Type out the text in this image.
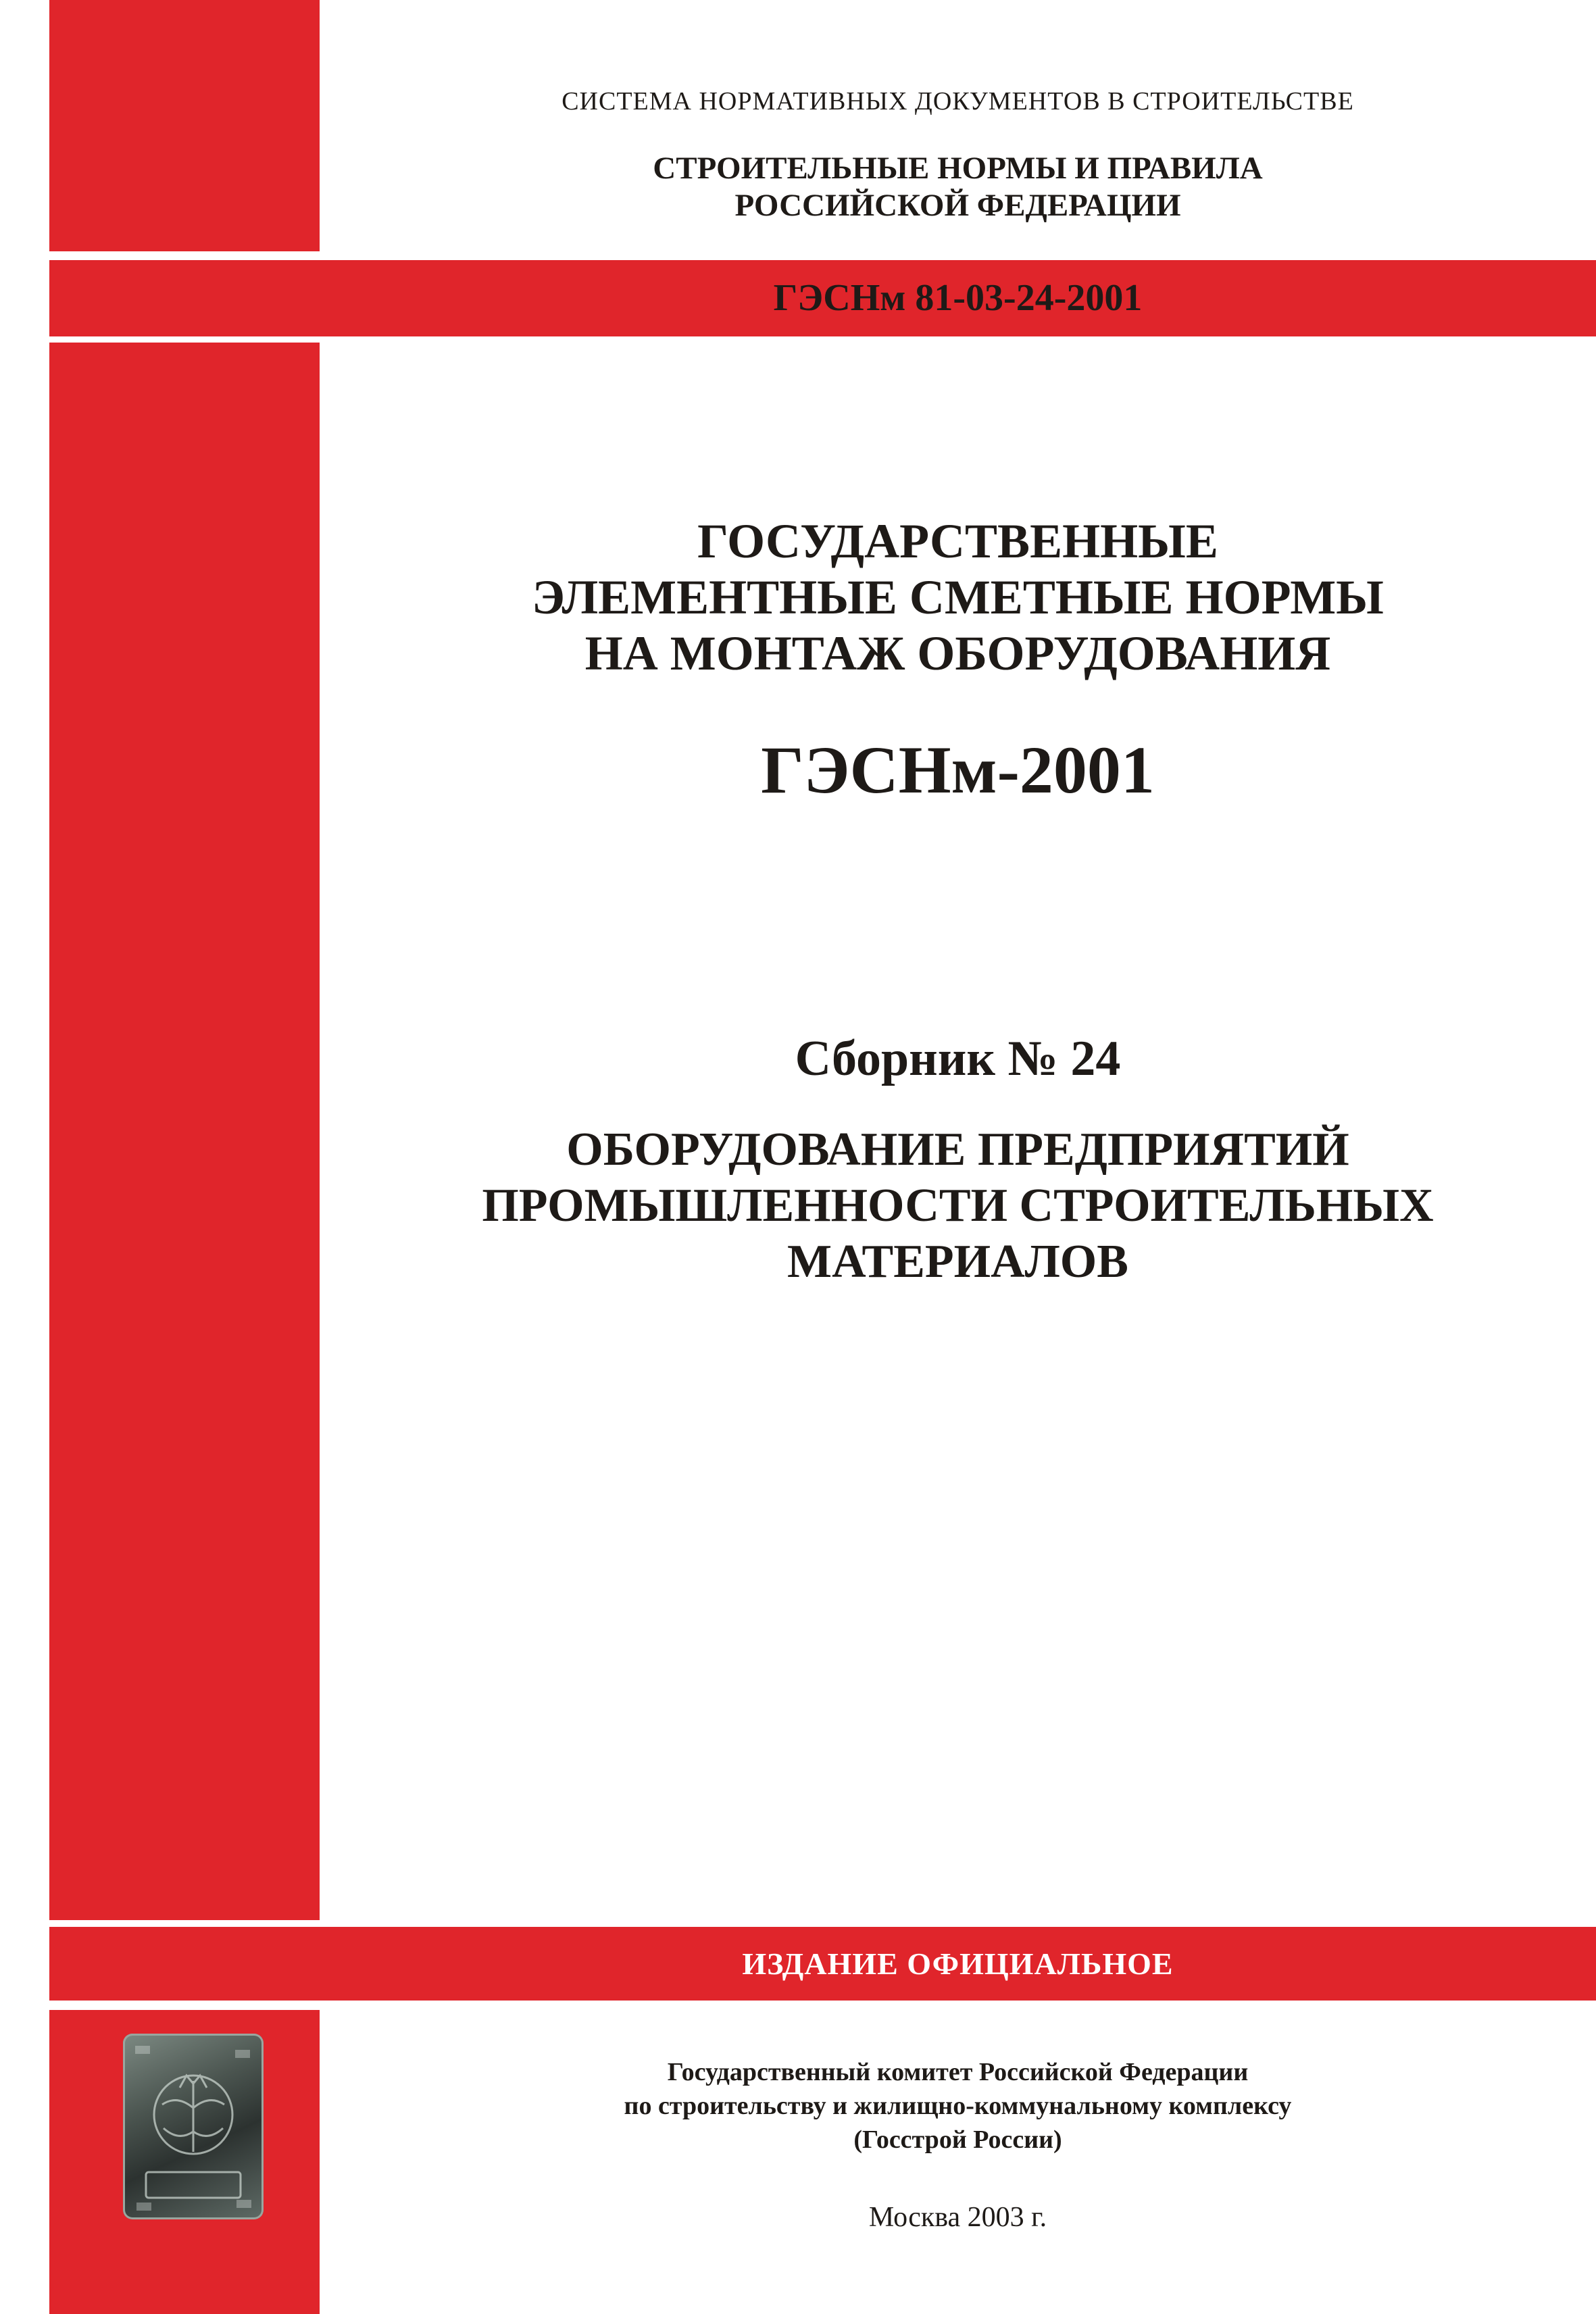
СИСТЕМА НОРМАТИВНЫХ ДОКУМЕНТОВ В СТРОИТЕЛЬСТВЕ
СТРОИТЕЛЬНЫЕ НОРМЫ И ПРАВИЛА
РОССИЙСКОЙ ФЕДЕРАЦИИ
ГЭСНм 81-03-24-2001
ГОСУДАРСТВЕННЫЕ
ЭЛЕМЕНТНЫЕ СМЕТНЫЕ НОРМЫ
НА МОНТАЖ ОБОРУДОВАНИЯ
ГЭСНм-2001
Сборник № 24
ОБОРУДОВАНИЕ ПРЕДПРИЯТИЙ
ПРОМЫШЛЕННОСТИ СТРОИТЕЛЬНЫХ
МАТЕРИАЛОВ
ИЗДАНИЕ ОФИЦИАЛЬНОЕ
Государственный комитет Российской Федерации
по строительству и жилищно-коммунальному комплексу
(Госстрой России)
Москва 2003 г.
